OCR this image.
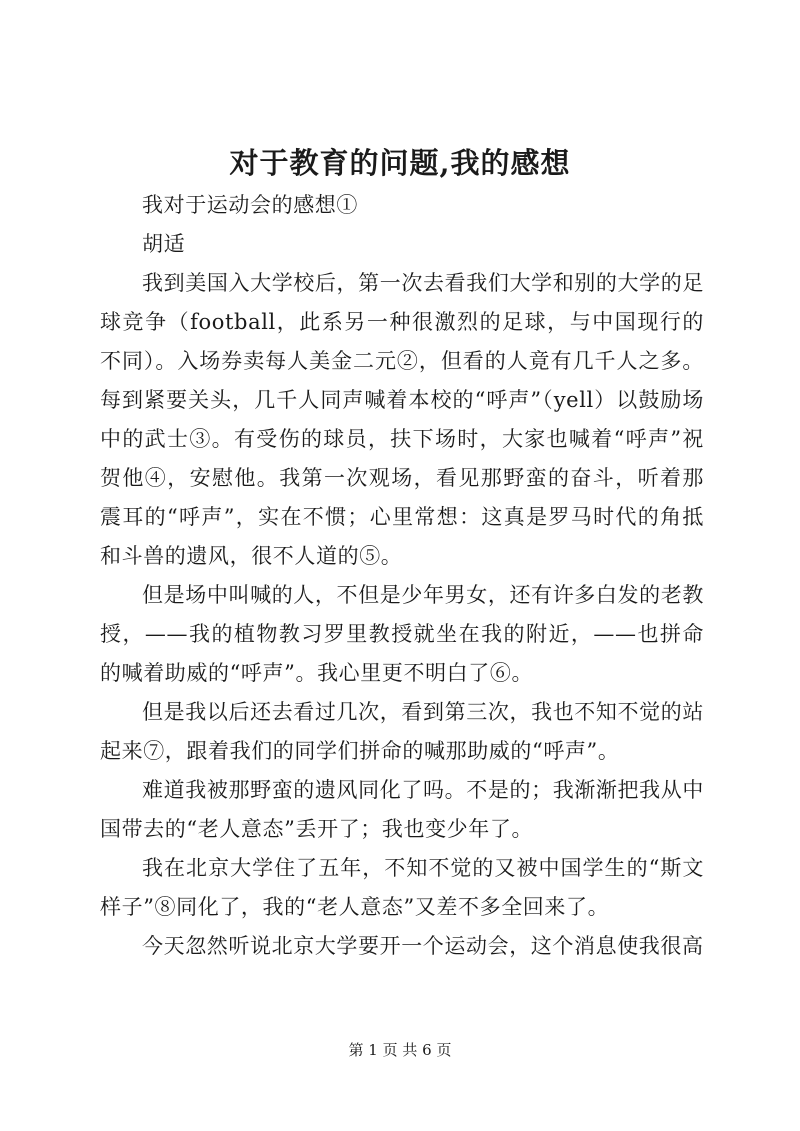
对于教育的问题,我的感想

我对于运动会的感想①

胡适

我到美国入大学校后，第一次去看我们大学和别的大学的足球竞争（football，此系另一种很激烈的足球，与中国现行的不同）。入场券卖每人美金二元②，但看的人竟有几千人之多。每到紧要关头，几千人同声喊着本校的“呼声”（yell）以鼓励场中的武士③。有受伤的球员，扶下场时，大家也喊着“呼声”祝贺他④，安慰他。我第一次观场，看见那野蛮的奋斗，听着那震耳的“呼声”，实在不惯；心里常想：这真是罗马时代的角抵和斗兽的遗风，很不人道的⑤。

但是场中叫喊的人，不但是少年男女，还有许多白发的老教授，——我的植物教习罗里教授就坐在我的附近，——也拼命的喊着助威的“呼声”。我心里更不明白了⑥。

但是我以后还去看过几次，看到第三次，我也不知不觉的站起来⑦，跟着我们的同学们拼命的喊那助威的“呼声”。

难道我被那野蛮的遗风同化了吗。不是的；我渐渐把我从中国带去的“老人意态”丢开了；我也变少年了。

我在北京大学住了五年，不知不觉的又被中国学生的“斯文样子”⑧同化了，我的“老人意态”又差不多全回来了。

今天忽然听说北京大学要开一个运动会，这个消息使我很高

第 1 页 共 6 页
